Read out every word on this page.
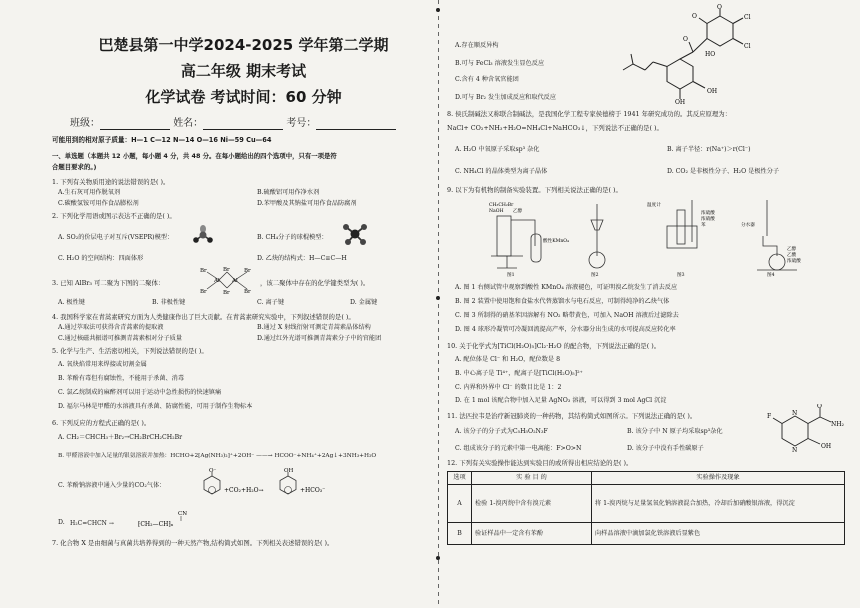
巴楚县第一中学2024-2025 学年第二学期
高二年级 期末考试
化学试卷 考试时间：60 分钟
班级：	姓名：	考号：
可能用到的相对原子质量：H—1 C—12 N—14 O—16 Ni—59 Cu—64
一、单选题（本题共 12 小题，每小题 4 分，共 48 分。在每小题给出的四个选项中，只有一项是符
合题目要求的。)
1. 下列有关物质用途的说法错误的是( )。
A.生石灰可用作脱氧剂	B.硫酸铝可用作净水剂
C.碳酸氢铵可用作食品膨松剂	D.苯甲酸及其钠盐可用作食品防腐剂
2. 下列化学用语或图示表达不正确的是( )。
A. SO₂的价层电子对互斥(VSEPR)模型：	B. CH₄分子的球棍模型：
C. H₂O 的空间结构：四面体形	D. 乙炔的结构式：H—C≡C—H
3. 已知 AlBr₃ 可二聚为下图的二聚体：
Br
Br
Br
Br
Br
Br
Al Al	，该二聚体中存在的化学键类型为( )。
A. 极性键	B. 非极性键	C. 离子键	D. 金属键
4. 我国科学家在青蒿素研究方面为人类健康作出了巨大贡献。在青蒿素研究实验中，下列叙述错误的是( )。
A.通过萃取法可获得含青蒿素的提取液	B.通过 X 射线衍射可测定青蒿素晶体结构
C.通过核磁共振谱可推测青蒿素相对分子质量	D.通过红外光谱可推测青蒿素分子中的官能团
5. 化学与生产、生活密切相关，下列说法错误的是( )。
A. 氧炔焰常用来焊接或切割金属
B. 苯酚有毒但有腐蚀性，不能用于杀菌、消毒
C. 氯乙烷制成的麻醉剂可以用于运动中急性损伤的快速镇痛
D. 福尔马林是甲醛的水溶液具有杀菌、防腐性能，可用于制作生物标本
6. 下列反应的方程式正确的是( )。
A. CH₂＝CHCH₃＋Br₂→CH₂BrCH₂CH₂Br
B. 甲醛溶液中加入足量的银氨溶液并加热：HCHO+2[Ag(NH₃)₂]⁺+2OH⁻ ——→ HCOO⁻+NH₄⁺+2Ag↓+3NH₃+H₂O
C. 苯酚钠溶液中通入少量的CO₂气体：
O⁻
+CO₂+H₂O→
OH
+HCO₃⁻
D. H₂C=CHCN →
CN
⁅CH₂—CH⁆ₙ
7. 化合物 X 是由细菌与真菌共培养得到的一种天然产物,结构简式如图。下列相关表述错误的是( )。
A.存在顺反异构
B.可与 FeCl₃ 溶液发生显色反应
C.含有 4 种含氧官能团
D.可与 Br₂ 发生加成反应和取代反应
O
Cl
Cl
HO
OH
O
O
OH
8. 侯氏制碱法又称联合制碱法，是我国化学工程专家侯德榜于 1941 年研究成功的。其反应原理为：
NaCl+ CO₂+NH₃+H₂O=NH₄Cl+NaHCO₃↓，下列说法不正确的是( )。
A. H₂O 中氧原子采取sp³ 杂化	B. 离子半径：r(Na⁺)＞r(Cl⁻)
C. NH₄Cl 的晶体类型为离子晶体	D. CO₂ 是非极性分子、H₂O 是极性分子
9. 以下为有机物的制备实验装置。下列相关说法正确的是( )。
CH₃CH₂Br
NaOH 乙醇
酸性KMnO₄
图1	图2
温度计
浓硫酸
浓硝酸
苯
图3
分水器
乙醇
乙酸
浓硫酸
图4
A. 图 1 右侧试管中观察到酸性 KMnO₄ 溶液褪色，可证明溴乙烷发生了消去反应
B. 图 2 装置中使用饱和食盐水代替蒸馏水与电石反应，可制得纯净的乙炔气体
C. 图 3 所制得的硝基苯因溶解有 NO₂ 略带黄色，可加入 NaOH 溶液后过滤除去
D. 图 4 球形冷凝管可冷凝回流提高产率，分水器分出生成的水可提高反应转化率
10. 关于化学式为[TiCl(H₂O)₅]Cl₂·H₂O 的配合物，下列说法正确的是( )。
A. 配位体是 Cl⁻ 和 H₂O，配位数是 8
B. 中心离子是 Ti⁴⁺，配离子是[TiCl(H₂O)₅]²⁺
C. 内界和外界中 Cl⁻ 的数目比是 1：2
D. 在 1 mol 该配合物中加入足量 AgNO₃ 溶液，可以得到 3 mol AgCl 沉淀
11. 法匹拉韦是治疗新冠肺炎的一种药物，其结构简式如图所示。下列说法正确的是( )。	F	N
N
O
NH₂
OH
A. 该分子的分子式为C₅H₅O₂N₃F	B. 该分子中 N 原子均采取sp³杂化
C. 组成该分子的元素中第一电离能：F>O>N	D. 该分子中没有手性碳原子
12. 下列有关实验操作能达到实验目的或所得出相应结论的是( )。
选项	实 验 目 的	实验操作及现象
A	检验 1-溴丙烷中含有溴元素	将 1-溴丙烷与足量氢氧化钠溶液混合加热，冷却后加硝酸银溶液，得沉淀
B	验证样品中一定含有苯酚	向样品溶液中滴加氯化铁溶液后显紫色
